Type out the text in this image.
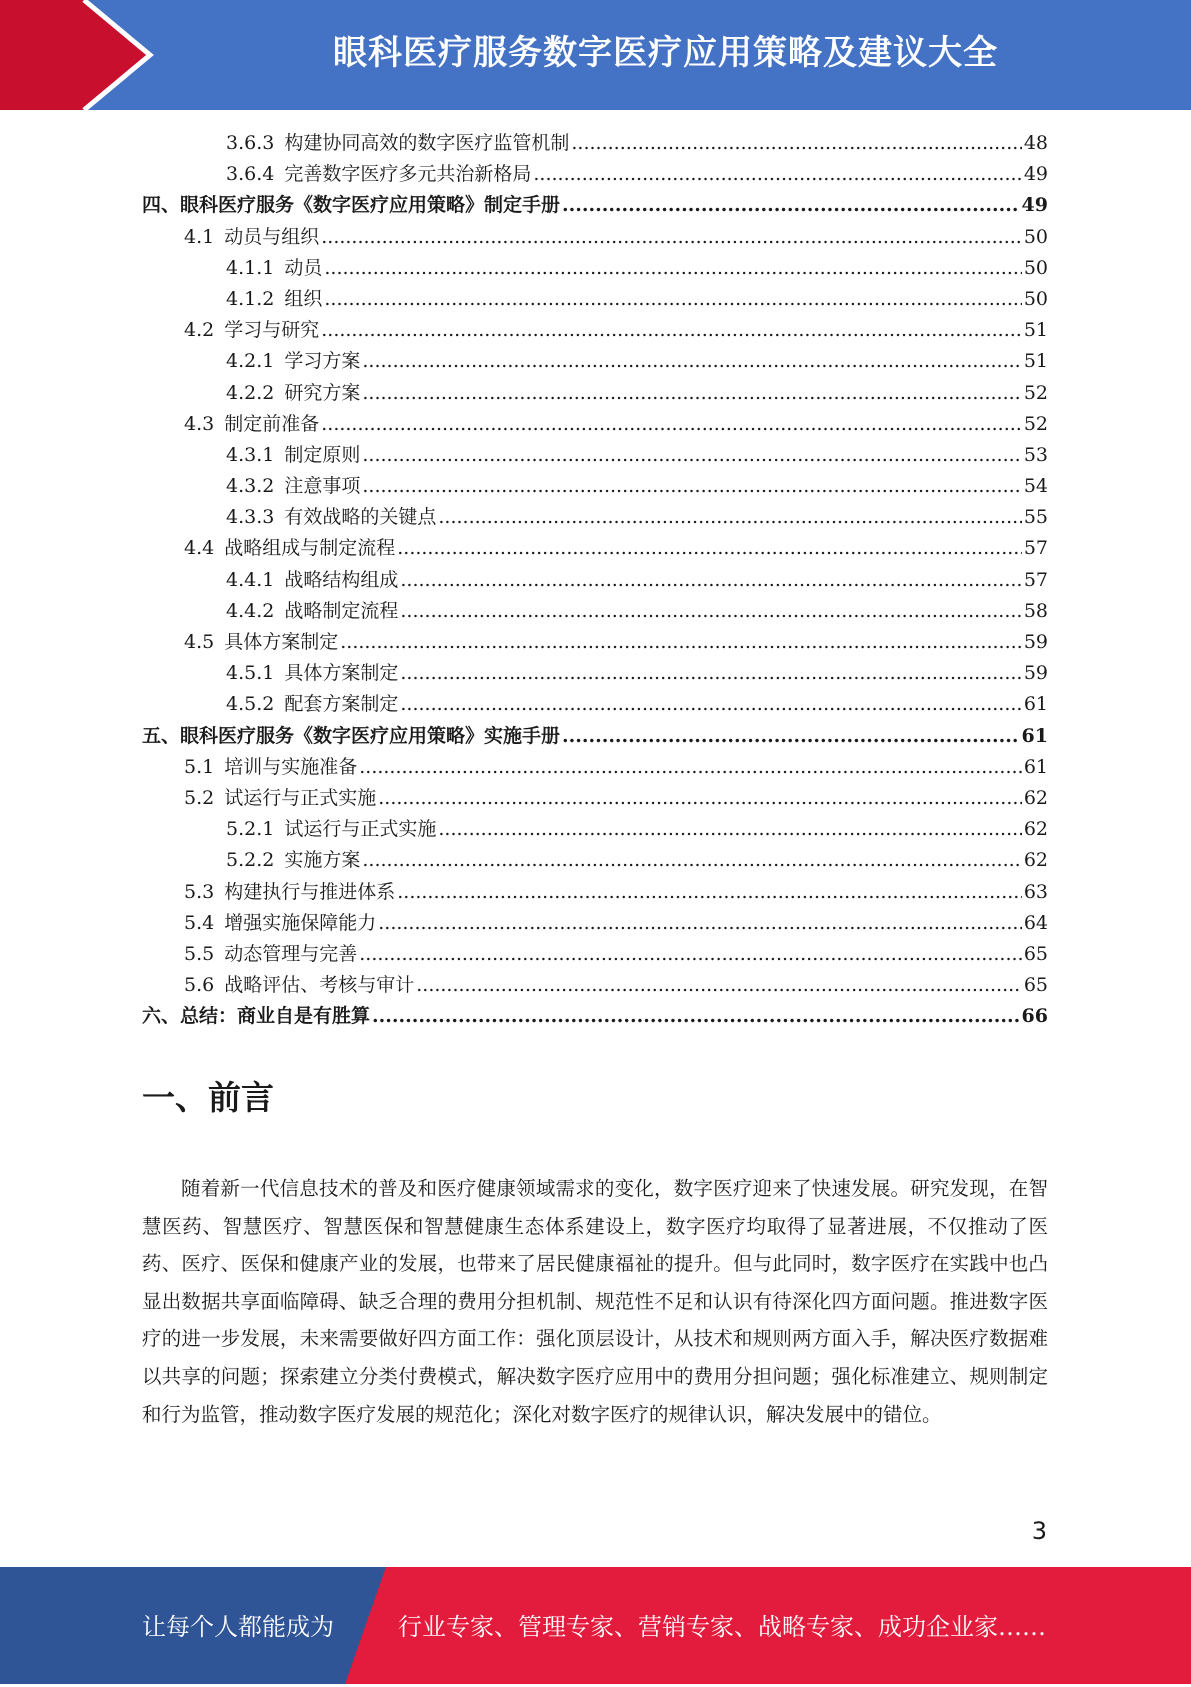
眼科医疗服务数字医疗应用策略及建议大全
3.6.3 构建协同高效的数字医疗监管机制 .....	48
3.6.4 完善数字医疗多元共治新格局 .....	49
四、眼科医疗服务《数字医疗应用策略》制定手册 .....	49
4.1 动员与组织 .....	50
4.1.1 动员 .....	50
4.1.2 组织 .....	50
4.2 学习与研究 .....	51
4.2.1 学习方案 .....	51
4.2.2 研究方案 .....	52
4.3 制定前准备 .....	52
4.3.1 制定原则 .....	53
4.3.2 注意事项 .....	54
4.3.3 有效战略的关键点 .....	55
4.4 战略组成与制定流程 .....	57
4.4.1 战略结构组成 .....	57
4.4.2 战略制定流程 .....	58
4.5 具体方案制定 .....	59
4.5.1 具体方案制定 .....	59
4.5.2 配套方案制定 .....	61
五、眼科医疗服务《数字医疗应用策略》实施手册 .....	61
5.1 培训与实施准备 .....	61
5.2 试运行与正式实施 .....	62
5.2.1 试运行与正式实施 .....	62
5.2.2 实施方案 .....	62
5.3 构建执行与推进体系 .....	63
5.4 增强实施保障能力 .....	64
5.5 动态管理与完善 .....	65
5.6 战略评估、考核与审计 .....	65
六、总结：商业自是有胜算 .....	66
一、前言

随着新一代信息技术的普及和医疗健康领域需求的变化，数字医疗迎来了快速发展。研究发现，在智慧医药、智慧医疗、智慧医保和智慧健康生态体系建设上，数字医疗均取得了显著进展，不仅推动了医药、医疗、医保和健康产业的发展，也带来了居民健康福祉的提升。但与此同时，数字医疗在实践中也凸显出数据共享面临障碍、缺乏合理的费用分担机制、规范性不足和认识有待深化四方面问题。推进数字医疗的进一步发展，未来需要做好四方面工作：强化顶层设计，从技术和规则两方面入手，解决医疗数据难以共享的问题；探索建立分类付费模式，解决数字医疗应用中的费用分担问题；强化标准建立、规则制定和行为监管，推动数字医疗发展的规范化；深化对数字医疗的规律认识，解决发展中的错位。

3
让每个人都能成为	行业专家、管理专家、营销专家、战略专家、成功企业家……
